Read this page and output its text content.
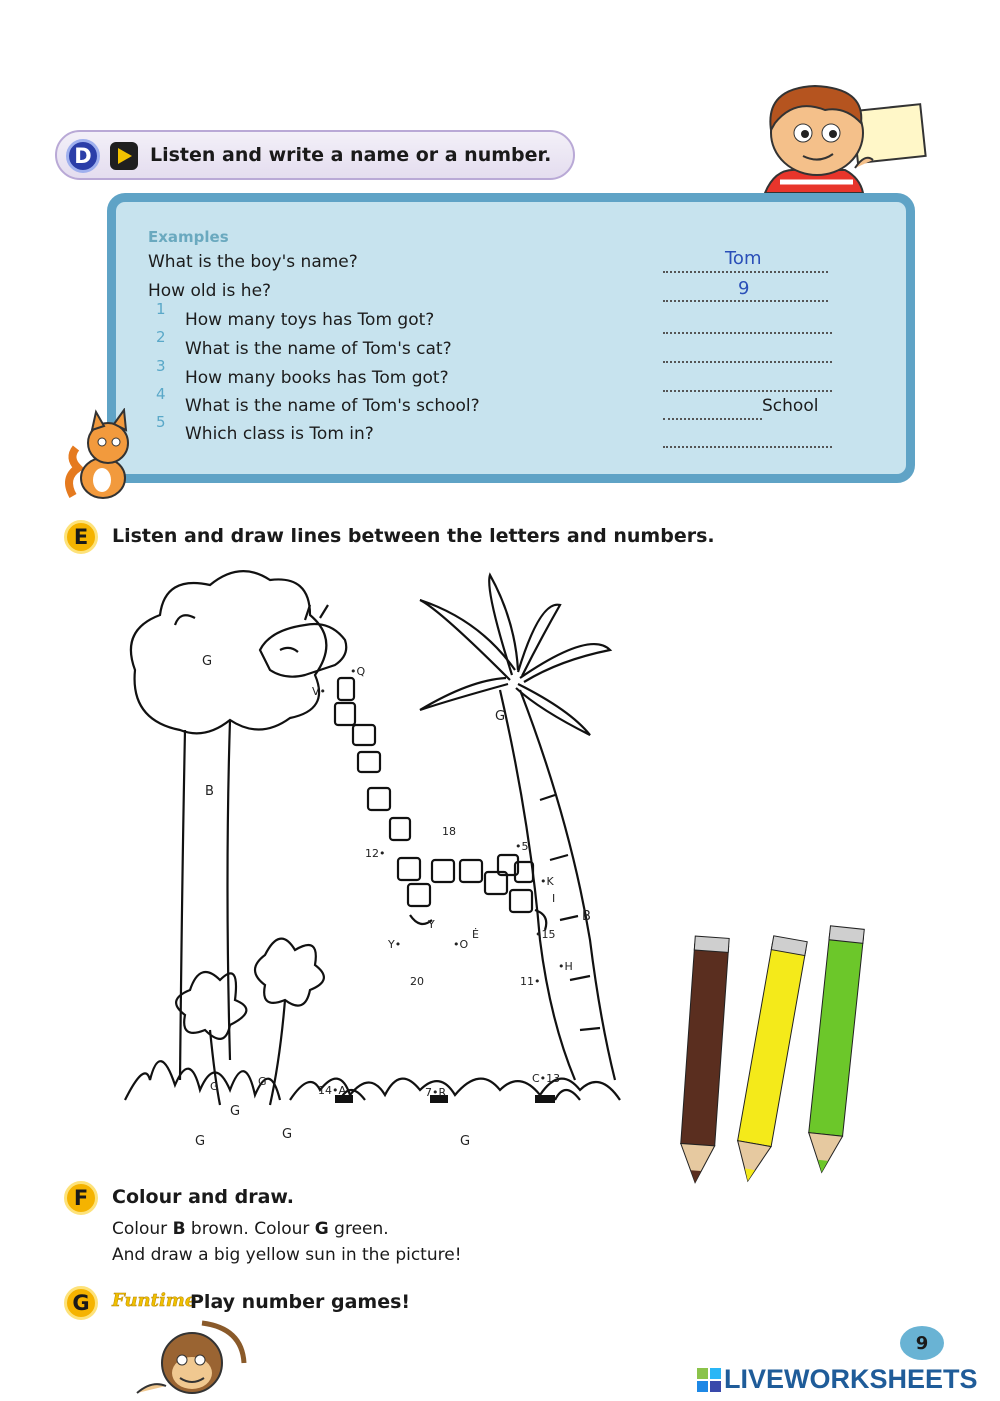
D	Listen and write a name or a number.
Examples
What is the boy's name?	Tom
How old is he?	9
1
How many toys has Tom got?
2
What is the name of Tom's cat?
3
How many books has Tom got?
4
What is the name of Tom's school?	School
5
Which class is Tom in?
E Listen and draw lines between the letters and numbers.
G
B
G
B
G
•Q
V•
18
12•
•5
•K
I
•15
Y•
Y
•O
Ė
•H
20	11•
14•A	7•R
C•13
G	G
G
G
G
F Colour and draw.
Colour B brown. Colour G green.
And draw a big yellow sun in the picture!
G Funtime
Play number games!
9
LIVEWORKSHEETS
